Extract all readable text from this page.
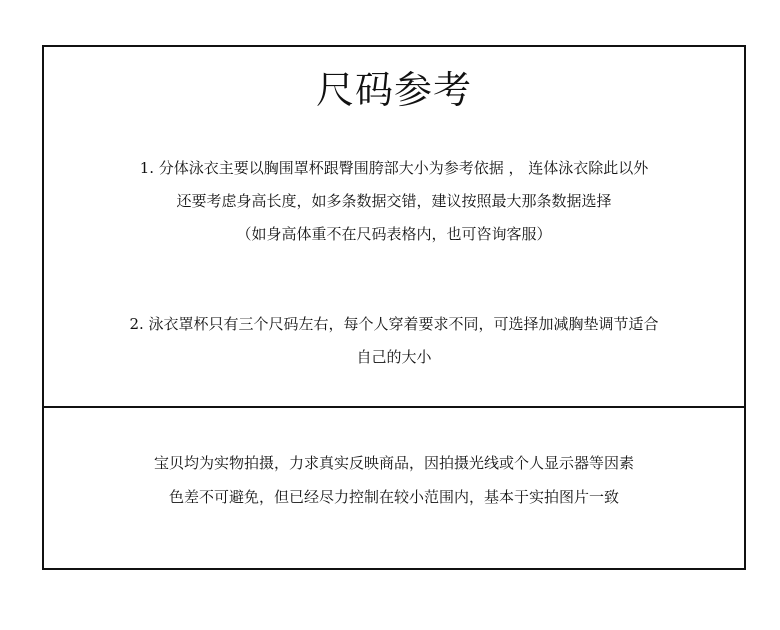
尺码参考
1. 分体泳衣主要以胸围罩杯跟臀围胯部大小为参考依据 ， 连体泳衣除此以外
还要考虑身高长度，如多条数据交错，建议按照最大那条数据选择
（如身高体重不在尺码表格内，也可咨询客服）
2. 泳衣罩杯只有三个尺码左右，每个人穿着要求不同，可选择加减胸垫调节适合
自己的大小
宝贝均为实物拍摄，力求真实反映商品，因拍摄光线或个人显示器等因素
色差不可避免，但已经尽力控制在较小范围内，基本于实拍图片一致
